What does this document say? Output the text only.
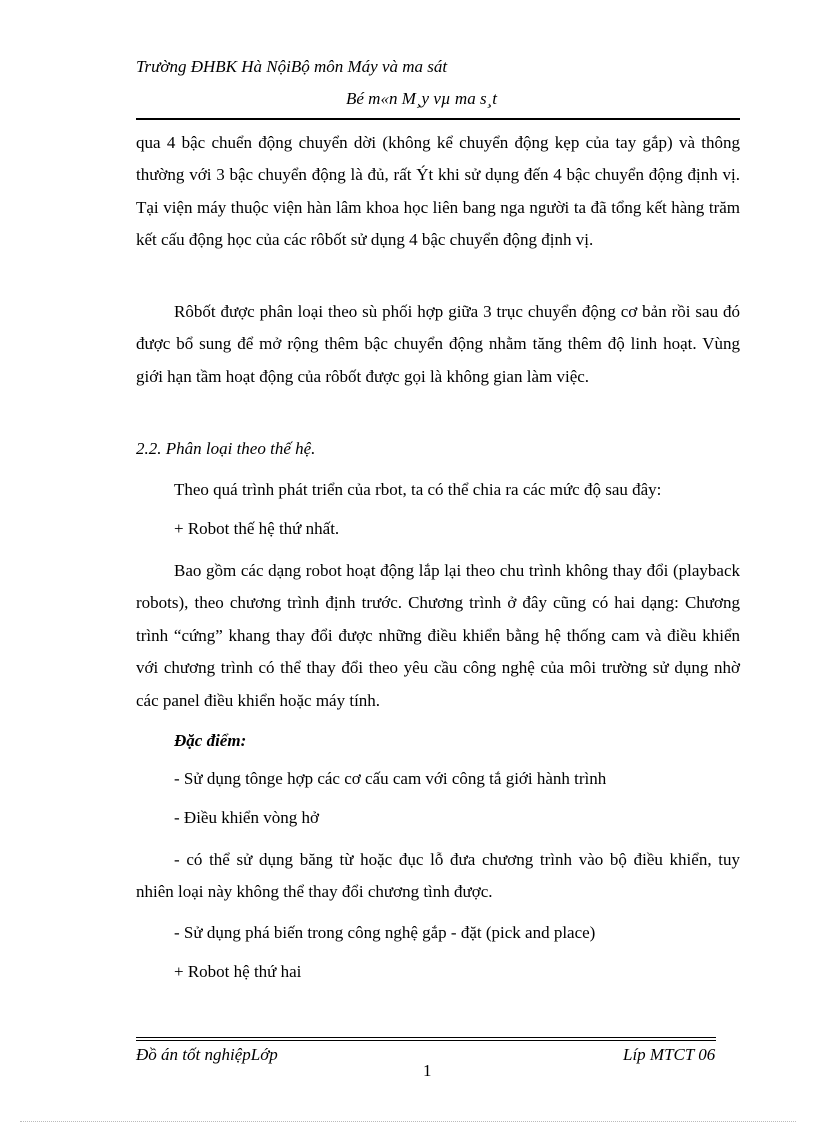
Trường ĐHBK Hà NộiBộ môn Máy và ma sát
Bé m«n M¸y vµ ma s¸t
qua 4 bậc chuển động chuyển dời (không kể chuyển động kẹp của tay gắp) và thông thường với 3 bậc chuyển động là đủ, rất Ýt khi sử dụng đến 4 bậc chuyển động định vị. Tại viện máy thuộc viện hàn lâm khoa học liên bang nga người ta đã tổng kết hàng trăm kết cấu động học của các rôbốt sử dụng 4 bậc chuyển động định vị.
Rôbốt được phân loại theo sù phối hợp giữa 3 trục chuyển động cơ bản rồi sau đó được bổ sung để mở rộng thêm bậc chuyển động nhằm tăng thêm độ linh hoạt. Vùng giới hạn tầm hoạt động của rôbốt được gọi là không gian làm việc.
2.2. Phân loại theo thế hệ.
Theo quá trình phát triển của rbot, ta có thể chia ra các mức độ sau đây:
+ Robot thế hệ thứ nhất.
Bao gồm các dạng robot hoạt động lắp lại theo chu trình không thay đổi (playback robots), theo chương trình định trước. Chương trình ở đây cũng có hai dạng: Chương trình “cứng” khang thay đổi được những điều khiển bằng hệ thống cam và điều khiển với chương trình có thể thay đổi theo yêu cầu công nghệ của môi trường sử dụng nhờ các panel điều khiển hoặc máy tính.
Đặc điểm:
- Sử dụng tônge hợp các cơ cấu cam với công tắ giới hành trình
- Điều khiển vòng hở
- có thể sử dụng băng từ hoặc đục lỗ đưa chương trình vào bộ điều khiển, tuy nhiên loại này không thể thay đổi chương tình được.
- Sử dụng phá biến trong công nghệ gắp - đặt (pick and place)
+ Robot hệ thứ hai
Đồ án tốt nghiệpLớp	Líp MTCT 06
1
